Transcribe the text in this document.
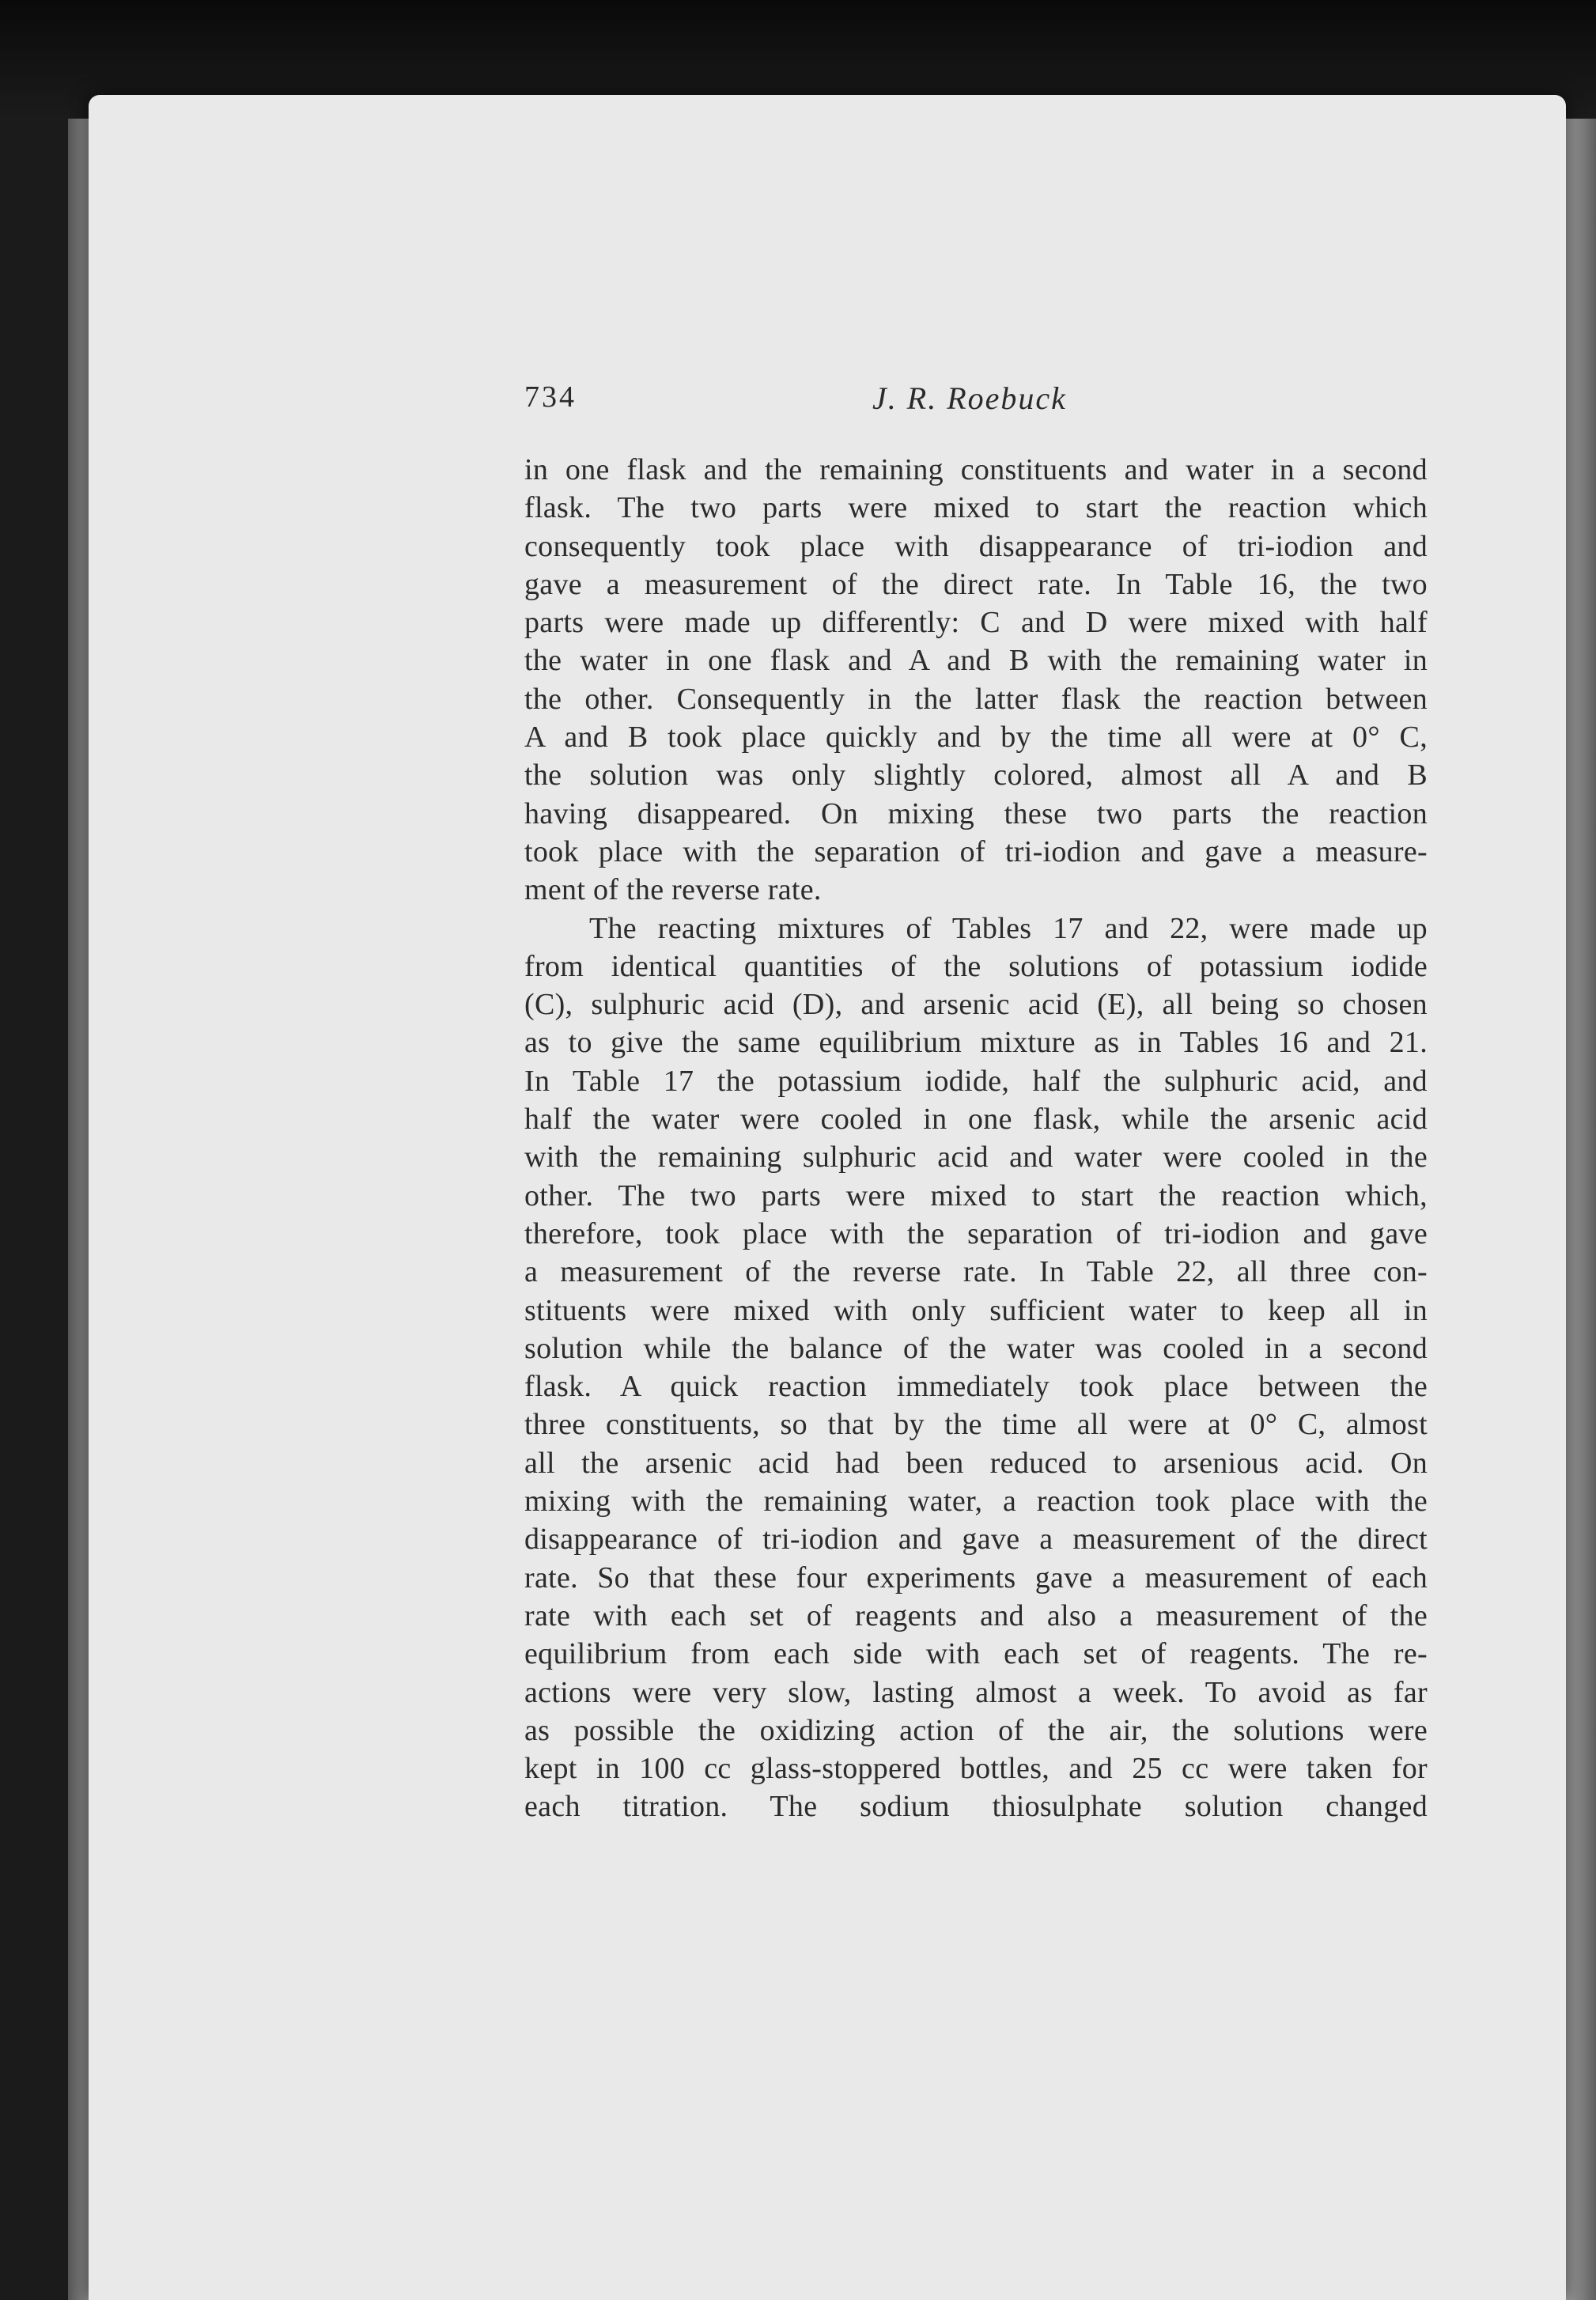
734	J. R. Roebuck
in one flask and the remaining constituents and water in a second
flask. The two parts were mixed to start the reaction which
consequently took place with disappearance of tri-iodion and
gave a measurement of the direct rate. In Table 16, the two
parts were made up differently: C and D were mixed with half
the water in one flask and A and B with the remaining water in
the other. Consequently in the latter flask the reaction between
A and B took place quickly and by the time all were at 0° C,
the solution was only slightly colored, almost all A and B
having disappeared. On mixing these two parts the reaction
took place with the separation of tri-iodion and gave a measure-
ment of the reverse rate.
The reacting mixtures of Tables 17 and 22, were made up
from identical quantities of the solutions of potassium iodide
(C), sulphuric acid (D), and arsenic acid (E), all being so chosen
as to give the same equilibrium mixture as in Tables 16 and 21.
In Table 17 the potassium iodide, half the sulphuric acid, and
half the water were cooled in one flask, while the arsenic acid
with the remaining sulphuric acid and water were cooled in the
other. The two parts were mixed to start the reaction which,
therefore, took place with the separation of tri-iodion and gave
a measurement of the reverse rate. In Table 22, all three con-
stituents were mixed with only sufficient water to keep all in
solution while the balance of the water was cooled in a second
flask. A quick reaction immediately took place between the
three constituents, so that by the time all were at 0° C, almost
all the arsenic acid had been reduced to arsenious acid. On
mixing with the remaining water, a reaction took place with the
disappearance of tri-iodion and gave a measurement of the direct
rate. So that these four experiments gave a measurement of each
rate with each set of reagents and also a measurement of the
equilibrium from each side with each set of reagents. The re-
actions were very slow, lasting almost a week. To avoid as far
as possible the oxidizing action of the air, the solutions were
kept in 100 cc glass-stoppered bottles, and 25 cc were taken for
each titration. The sodium thiosulphate solution changed
